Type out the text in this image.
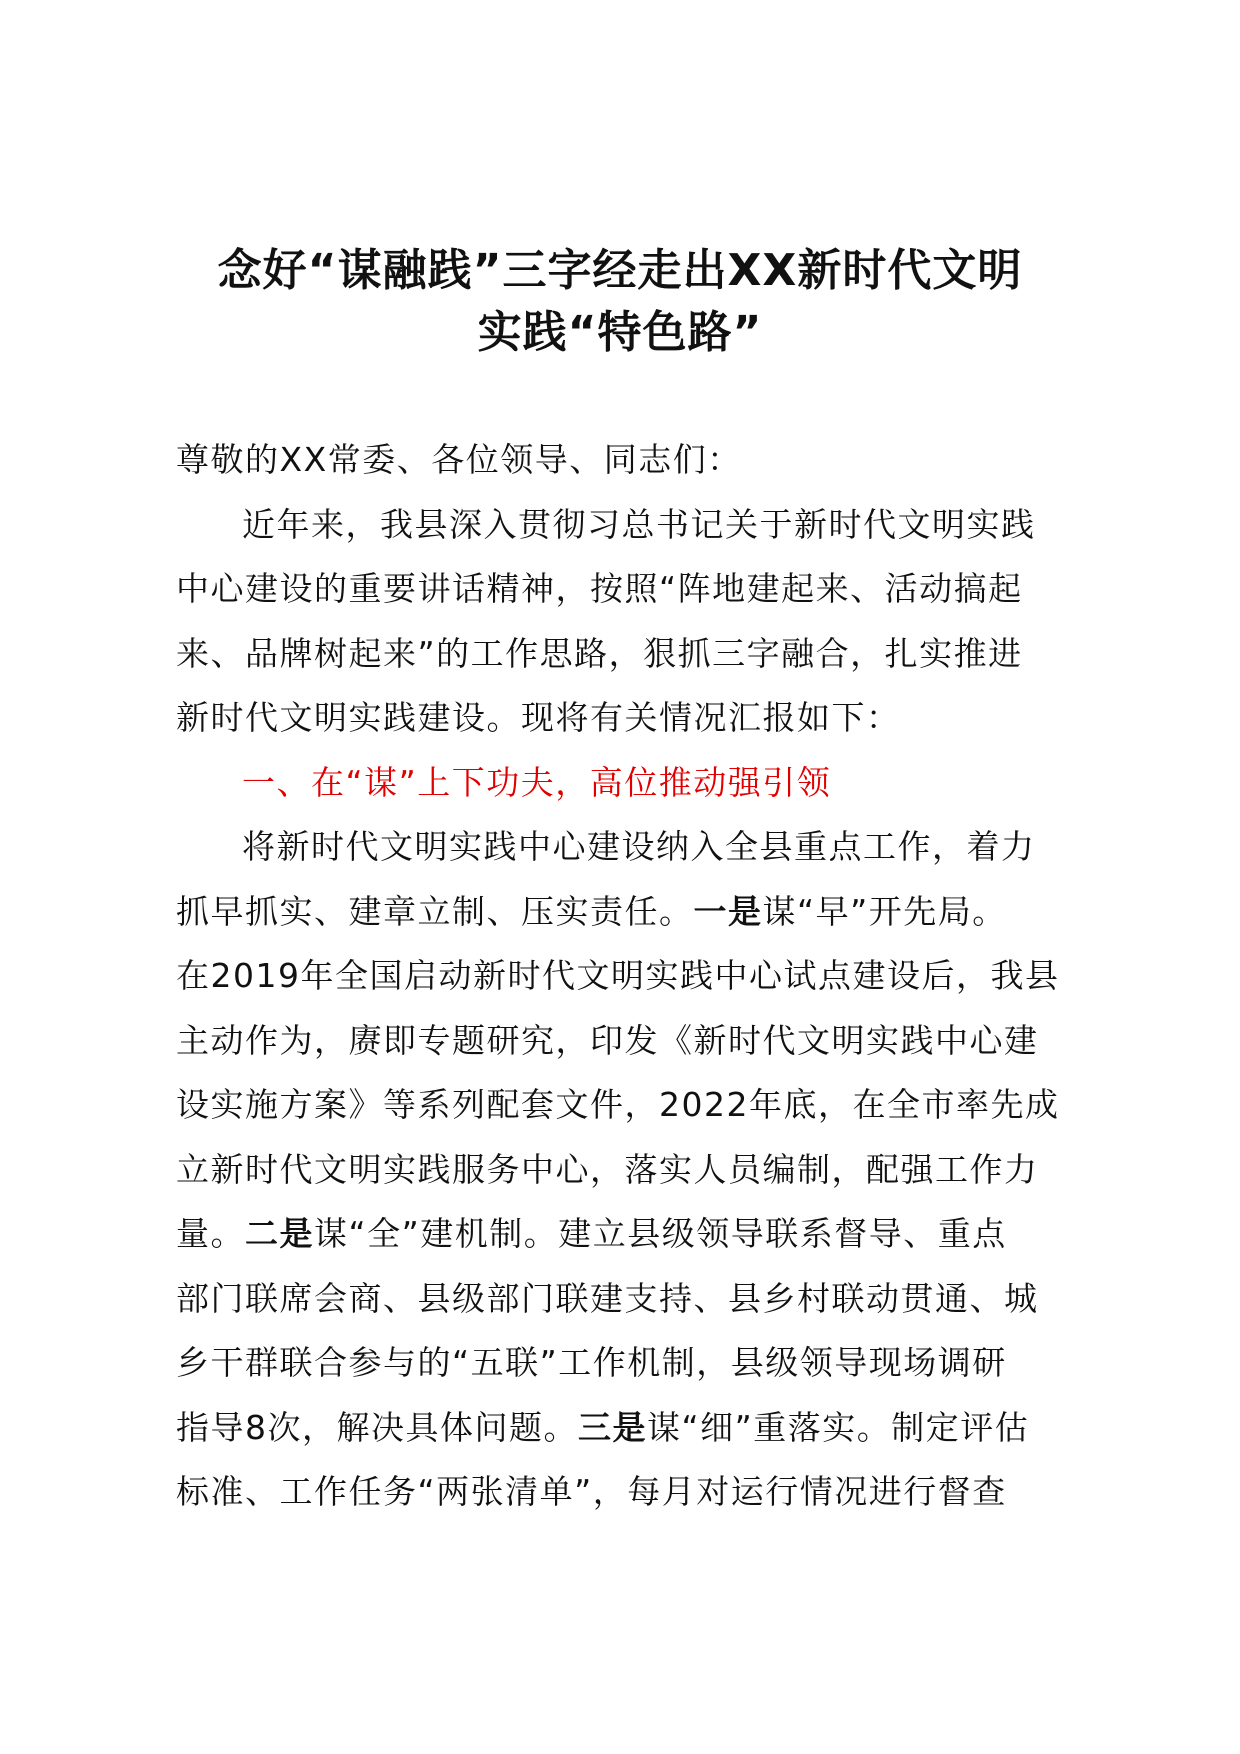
念好“谋融践”三字经走出XX新时代文明
实践“特色路”
尊敬的XX常委、各位领导、同志们：
近年来，我县深入贯彻习总书记关于新时代文明实践
中心建设的重要讲话精神，按照“阵地建起来、活动搞起
来、品牌树起来”的工作思路，狠抓三字融合，扎实推进
新时代文明实践建设。现将有关情况汇报如下：
一、在“谋”上下功夫，高位推动强引领
将新时代文明实践中心建设纳入全县重点工作，着力
抓早抓实、建章立制、压实责任。一是谋“早”开先局。
在2019年全国启动新时代文明实践中心试点建设后，我县
主动作为，赓即专题研究，印发《新时代文明实践中心建
设实施方案》等系列配套文件，2022年底，在全市率先成
立新时代文明实践服务中心，落实人员编制，配强工作力
量。二是谋“全”建机制。建立县级领导联系督导、重点
部门联席会商、县级部门联建支持、县乡村联动贯通、城
乡干群联合参与的“五联”工作机制，县级领导现场调研
指导8次，解决具体问题。三是谋“细”重落实。制定评估
标准、工作任务“两张清单”，每月对运行情况进行督查
